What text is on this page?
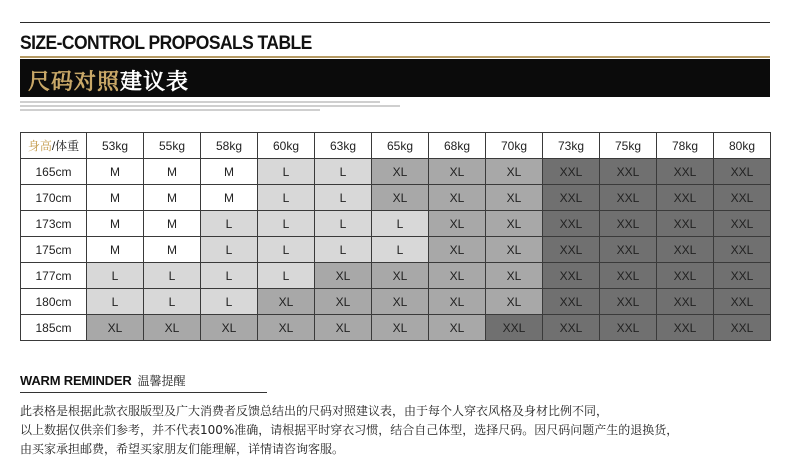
SIZE-CONTROL PROPOSALS TABLE
尺码对照建议表
身高/体重	53kg	55kg	58kg	60kg	63kg	65kg	68kg	70kg	73kg	75kg	78kg	80kg
165cm	M	M	M	L	L	XL	XL	XL	XXL	XXL	XXL	XXL
170cm	M	M	M	L	L	XL	XL	XL	XXL	XXL	XXL	XXL
173cm	M	M	L	L	L	L	XL	XL	XXL	XXL	XXL	XXL
175cm	M	M	L	L	L	L	XL	XL	XXL	XXL	XXL	XXL
177cm	L	L	L	L	XL	XL	XL	XL	XXL	XXL	XXL	XXL
180cm	L	L	L	XL	XL	XL	XL	XL	XXL	XXL	XXL	XXL
185cm	XL	XL	XL	XL	XL	XL	XL	XXL	XXL	XXL	XXL	XXL
WARM REMINDER 温馨提醒
此表格是根据此款衣服版型及广大消费者反馈总结出的尺码对照建议表，由于每个人穿衣风格及身材比例不同，
以上数据仅供亲们参考，并不代表100%准确，请根据平时穿衣习惯，结合自己体型，选择尺码。因尺码问题产生的退换货，
由买家承担邮费，希望买家朋友们能理解，详情请咨询客服。
